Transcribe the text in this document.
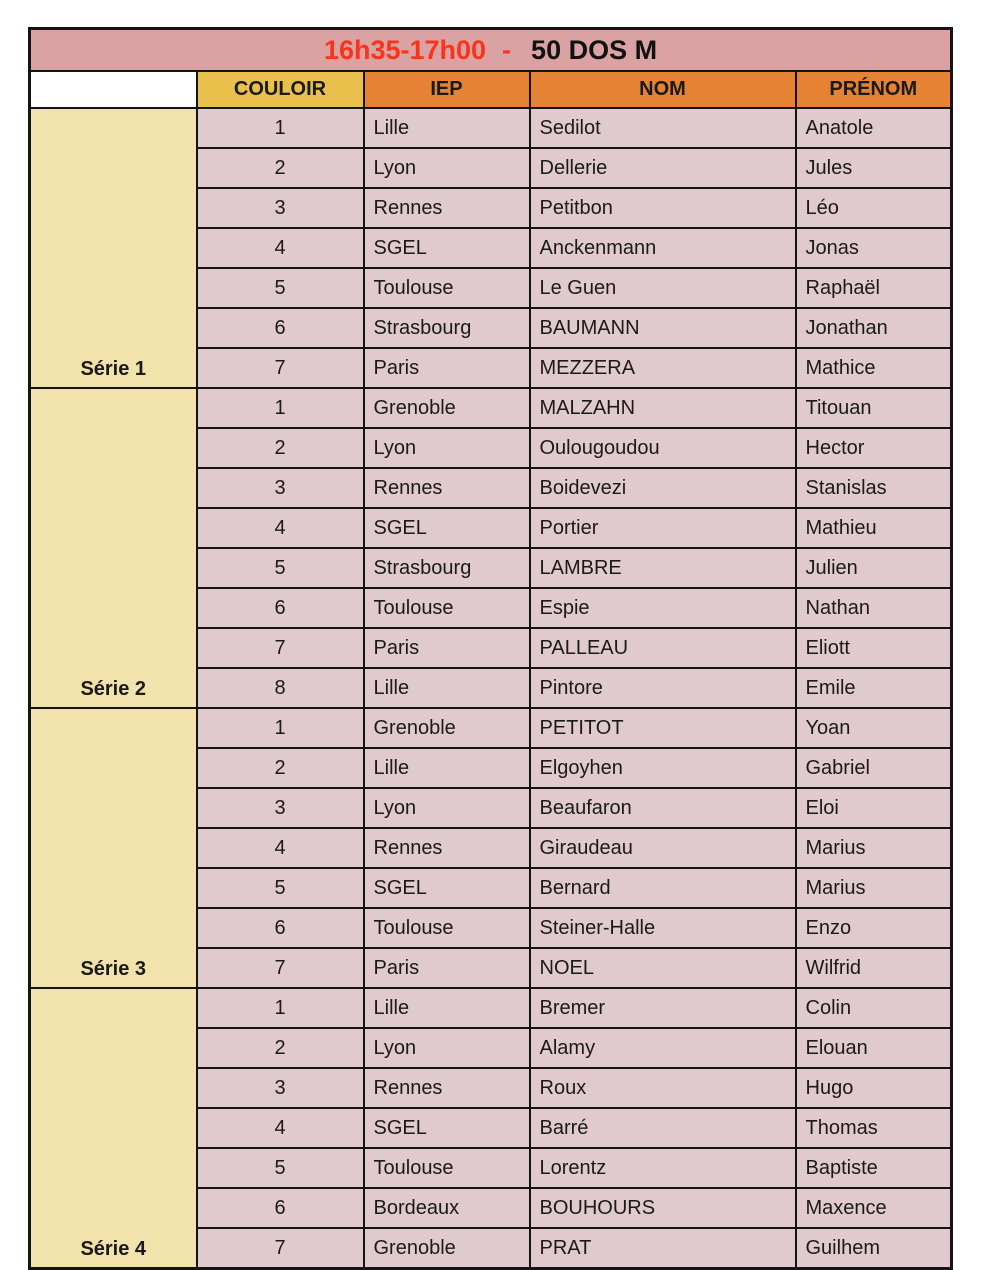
16h35-17h00 - 50 DOS M				
	COULOIR	IEP	NOM	PRÉNOM
Série 1	1	Lille	Sedilot	Anatole
	2	Lyon	Dellerie	Jules
	3	Rennes	Petitbon	Léo
	4	SGEL	Anckenmann	Jonas
	5	Toulouse	Le Guen	Raphaël
	6	Strasbourg	BAUMANN	Jonathan
	7	Paris	MEZZERA	Mathice
Série 2	1	Grenoble	MALZAHN	Titouan
	2	Lyon	Oulougoudou	Hector
	3	Rennes	Boidevezi	Stanislas
	4	SGEL	Portier	Mathieu
	5	Strasbourg	LAMBRE	Julien
	6	Toulouse	Espie	Nathan
	7	Paris	PALLEAU	Eliott
	8	Lille	Pintore	Emile
Série 3	1	Grenoble	PETITOT	Yoan
	2	Lille	Elgoyhen	Gabriel
	3	Lyon	Beaufaron	Eloi
	4	Rennes	Giraudeau	Marius
	5	SGEL	Bernard	Marius
	6	Toulouse	Steiner-Halle	Enzo
	7	Paris	NOEL	Wilfrid
Série 4	1	Lille	Bremer	Colin
	2	Lyon	Alamy	Elouan
	3	Rennes	Roux	Hugo
	4	SGEL	Barré	Thomas
	5	Toulouse	Lorentz	Baptiste
	6	Bordeaux	BOUHOURS	Maxence
	7	Grenoble	PRAT	Guilhem
